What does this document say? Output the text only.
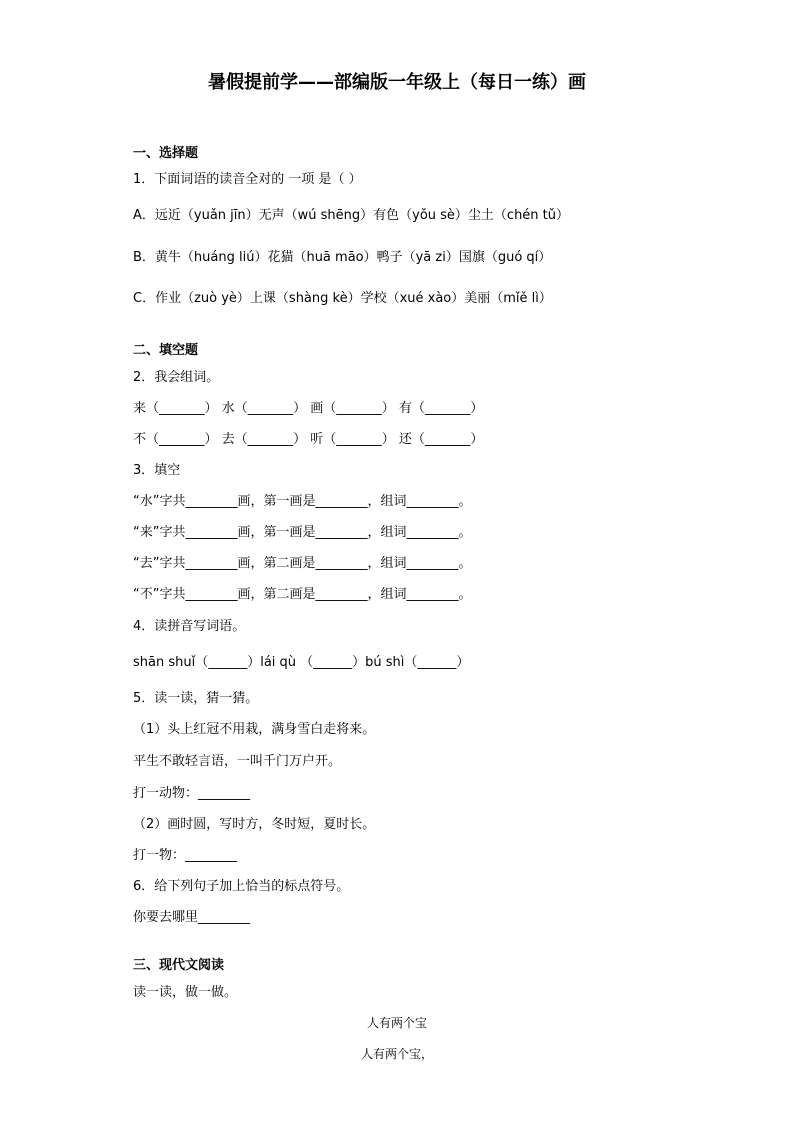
暑假提前学——部编版一年级上（每日一练）画
一、选择题
1．下面词语的读音全对的 一项 是（ ）
A．远近（yuǎn jīn）无声（wú shēng）有色（yǒu sè）尘土（chén tǔ）
B．黄牛（huáng liú）花猫（huā māo）鸭子（yā zi）国旗（guó qí）
C．作业（zuò yè）上课（shàng kè）学校（xué xào）美丽（mǐě lì）
二、填空题
2．我会组词。
来（_______） 水（_______） 画（_______） 有（_______）
不（_______） 去（_______） 听（_______） 还（_______）
3．填空
“水”字共________画，第一画是________，组词________。
“来”字共________画，第一画是________，组词________。
“去”字共________画，第二画是________，组词________。
“不”字共________画，第二画是________，组词________。
4．读拼音写词语。
shān shuǐ（______）lái qù （______）bú shì（______）
5．读一读，猜一猜。
（1）头上红冠不用栽，满身雪白走将来。
平生不敢轻言语，一叫千门万户开。
打一动物：________
（2）画时圆，写时方，冬时短，夏时长。
打一物：________
6．给下列句子加上恰当的标点符号。
你要去哪里________
三、现代文阅读
读一读，做一做。
人有两个宝
人有两个宝，
